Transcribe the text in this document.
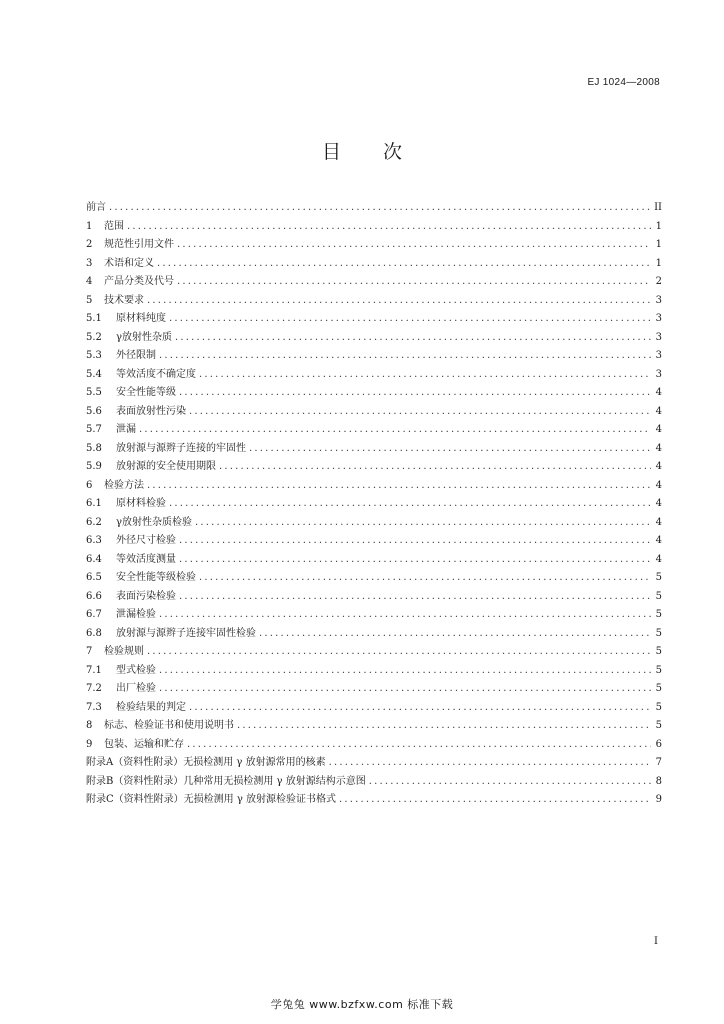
EJ 1024—2008
目 次
前言 .....	II
1	范围 .....	1
2	规范性引用文件 .....	1
3	术语和定义 .....	1
4	产品分类及代号 .....	2
5	技术要求 .....	3
5.1	原材料纯度 .....	3
5.2	γ放射性杂质 .....	3
5.3	外径限制 .....	3
5.4	等效活度不确定度 .....	3
5.5	安全性能等级 .....	4
5.6	表面放射性污染 .....	4
5.7	泄漏 .....	4
5.8	放射源与源辫子连接的牢固性 .....	4
5.9	放射源的安全使用期限 .....	4
6	检验方法 .....	4
6.1	原材料检验 .....	4
6.2	γ放射性杂质检验 .....	4
6.3	外径尺寸检验 .....	4
6.4	等效活度测量 .....	4
6.5	安全性能等级检验 .....	5
6.6	表面污染检验 .....	5
6.7	泄漏检验 .....	5
6.8	放射源与源辫子连接牢固性检验 .....	5
7	检验规则 .....	5
7.1	型式检验 .....	5
7.2	出厂检验 .....	5
7.3	检验结果的判定 .....	5
8	标志、检验证书和使用说明书 .....	5
9	包装、运输和贮存 .....	6
附录A （资料性附录）无损检测用 γ 放射源常用的核素 .....	7
附录B （资料性附录）几种常用无损检测用 γ 放射源结构示意图 .....	8
附录C （资料性附录）无损检测用 γ 放射源检验证书格式 .....	9
I
学兔兔 www.bzfxw.com 标准下载
